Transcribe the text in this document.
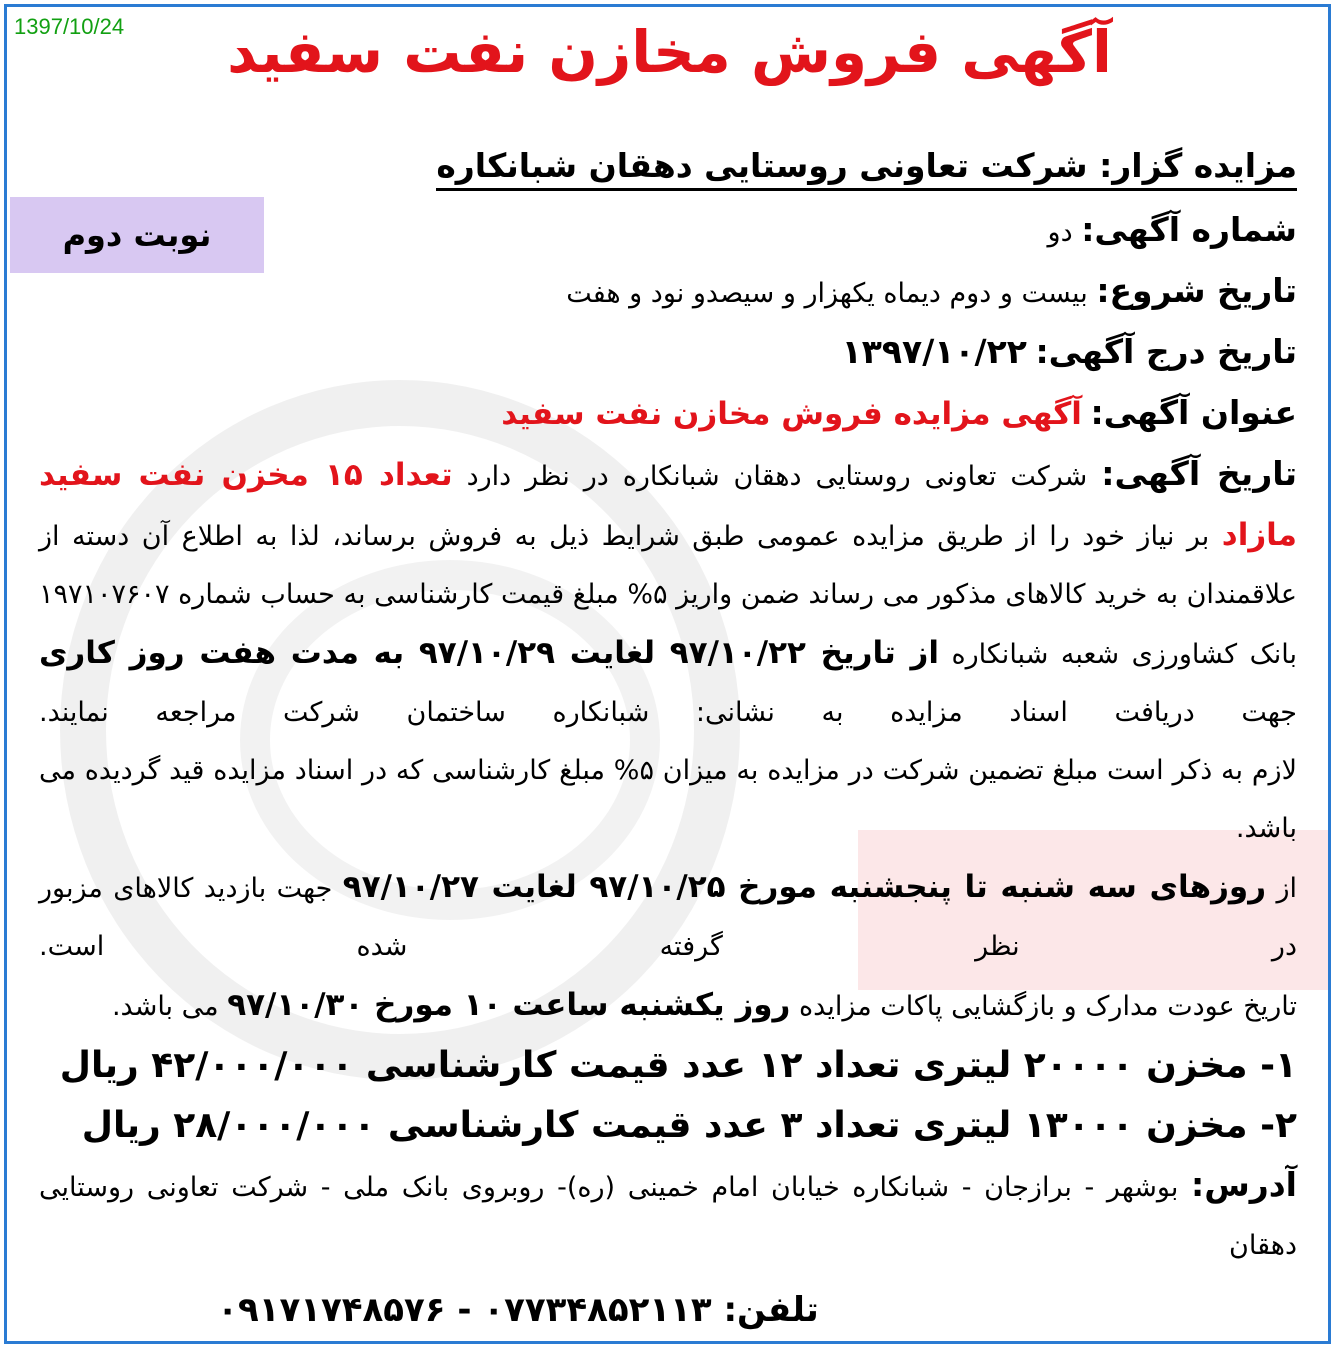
1397/10/24	آگهی فروش مخازن نفت سفید
نوبت دوم
مزایده گزار: شرکت تعاونی روستایی دهقان شبانکاره
شماره آگهی: دو
تاریخ شروع: بیست و دوم دیماه یکهزار و سیصدو نود و هفت
تاریخ درج آگهی: ۱۳۹۷/۱۰/۲۲
عنوان آگهی: آگهی مزایده فروش مخازن نفت سفید
تاریخ آگهی: شرکت تعاونی روستایی دهقان شبانکاره در نظر دارد تعداد ۱۵ مخزن نفت سفید مازاد بر نیاز خود را از طریق مزایده عمومی طبق شرایط ذیل به فروش برساند، لذا به اطلاع آن دسته از علاقمندان به خرید کالاهای مذکور می رساند ضمن واریز ۵% مبلغ قیمت کارشناسی به حساب شماره ۱۹۷۱۰۷۶۰۷ بانک کشاورزی شعبه شبانکاره از تاریخ ۹۷/۱۰/۲۲ لغایت ۹۷/۱۰/۲۹ به مدت هفت روز کاری جهت دریافت اسناد مزایده به نشانی: شبانکاره ساختمان شرکت مراجعه نمایند.
لازم به ذکر است مبلغ تضمین شرکت در مزایده به میزان ۵% مبلغ کارشناسی که در اسناد مزایده قید گردیده می باشد.
از روزهای سه شنبه تا پنجشنبه مورخ ۹۷/۱۰/۲۵ لغایت ۹۷/۱۰/۲۷ جهت بازدید کالاهای مزبور در نظر گرفته شده است.
تاریخ عودت مدارک و بازگشایی پاکات مزایده روز یکشنبه ساعت ۱۰ مورخ ۹۷/۱۰/۳۰ می باشد.
۱- مخزن ۲۰۰۰۰ لیتری تعداد ۱۲ عدد قیمت کارشناسی ۴۲/۰۰۰/۰۰۰ ریال
۲- مخزن ۱۳۰۰۰ لیتری تعداد ۳ عدد قیمت کارشناسی ۲۸/۰۰۰/۰۰۰ ریال
آدرس: بوشهر - برازجان - شبانکاره خیابان امام خمینی (ره)- روبروی بانک ملی - شرکت تعاونی روستایی دهقان
تلفن: ۰۷۷۳۴۸۵۲۱۱۳ - ۰۹۱۷۱۷۴۸۵۷۶
